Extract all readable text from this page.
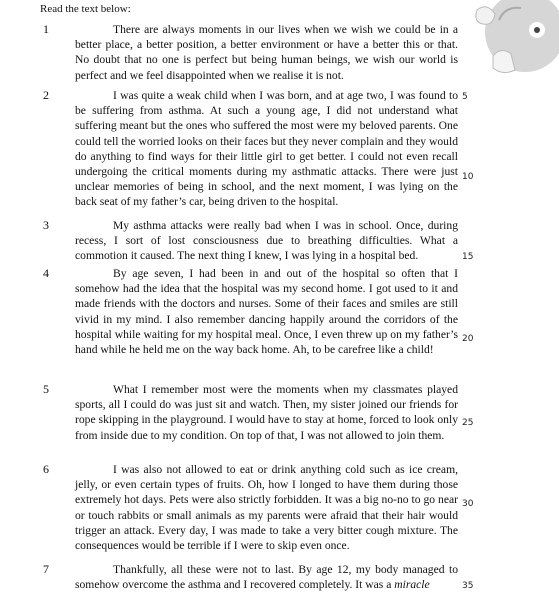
Read the text below:
1	There are always moments in our lives when we wish we could be in a better place, a better position, a better environment or have a better this or that. No doubt that no one is perfect but being human beings, we wish our world is perfect and we feel disappointed when we realise it is not.
2	I was quite a weak child when I was born, and at age two, I was found to be suffering from asthma. At such a young age, I did not understand what suffering meant but the ones who suffered the most were my beloved parents. One could tell the worried looks on their faces but they never complain and they would do anything to find ways for their little girl to get better. I could not even recall undergoing the critical moments during my asthmatic attacks. There were just unclear memories of being in school, and the next moment, I was lying on the back seat of my father’s car, being driven to the hospital.
3	My asthma attacks were really bad when I was in school. Once, during recess, I sort of lost consciousness due to breathing difficulties. What a commotion it caused. The next thing I knew, I was lying in a hospital bed.
4	By age seven, I had been in and out of the hospital so often that I somehow had the idea that the hospital was my second home. I got used to it and made friends with the doctors and nurses. Some of their faces and smiles are still vivid in my mind. I also remember dancing happily around the corridors of the hospital while waiting for my hospital meal. Once, I even threw up on my father’s hand while he held me on the way back home. Ah, to be carefree like a child!
5	What I remember most were the moments when my classmates played sports, all I could do was just sit and watch. Then, my sister joined our friends for rope skipping in the playground. I would have to stay at home, forced to look only from inside due to my condition. On top of that, I was not allowed to join them.
6	I was also not allowed to eat or drink anything cold such as ice cream, jelly, or even certain types of fruits. Oh, how I longed to have them during those extremely hot days. Pets were also strictly forbidden. It was a big no-no to go near or touch rabbits or small animals as my parents were afraid that their hair would trigger an attack. Every day, I was made to take a very bitter cough mixture. The consequences would be terrible if I were to skip even once.
7	Thankfully, all these were not to last. By age 12, my body managed to somehow overcome the asthma and I recovered completely. It was a miracle
5
10
15
20
25
30
35
